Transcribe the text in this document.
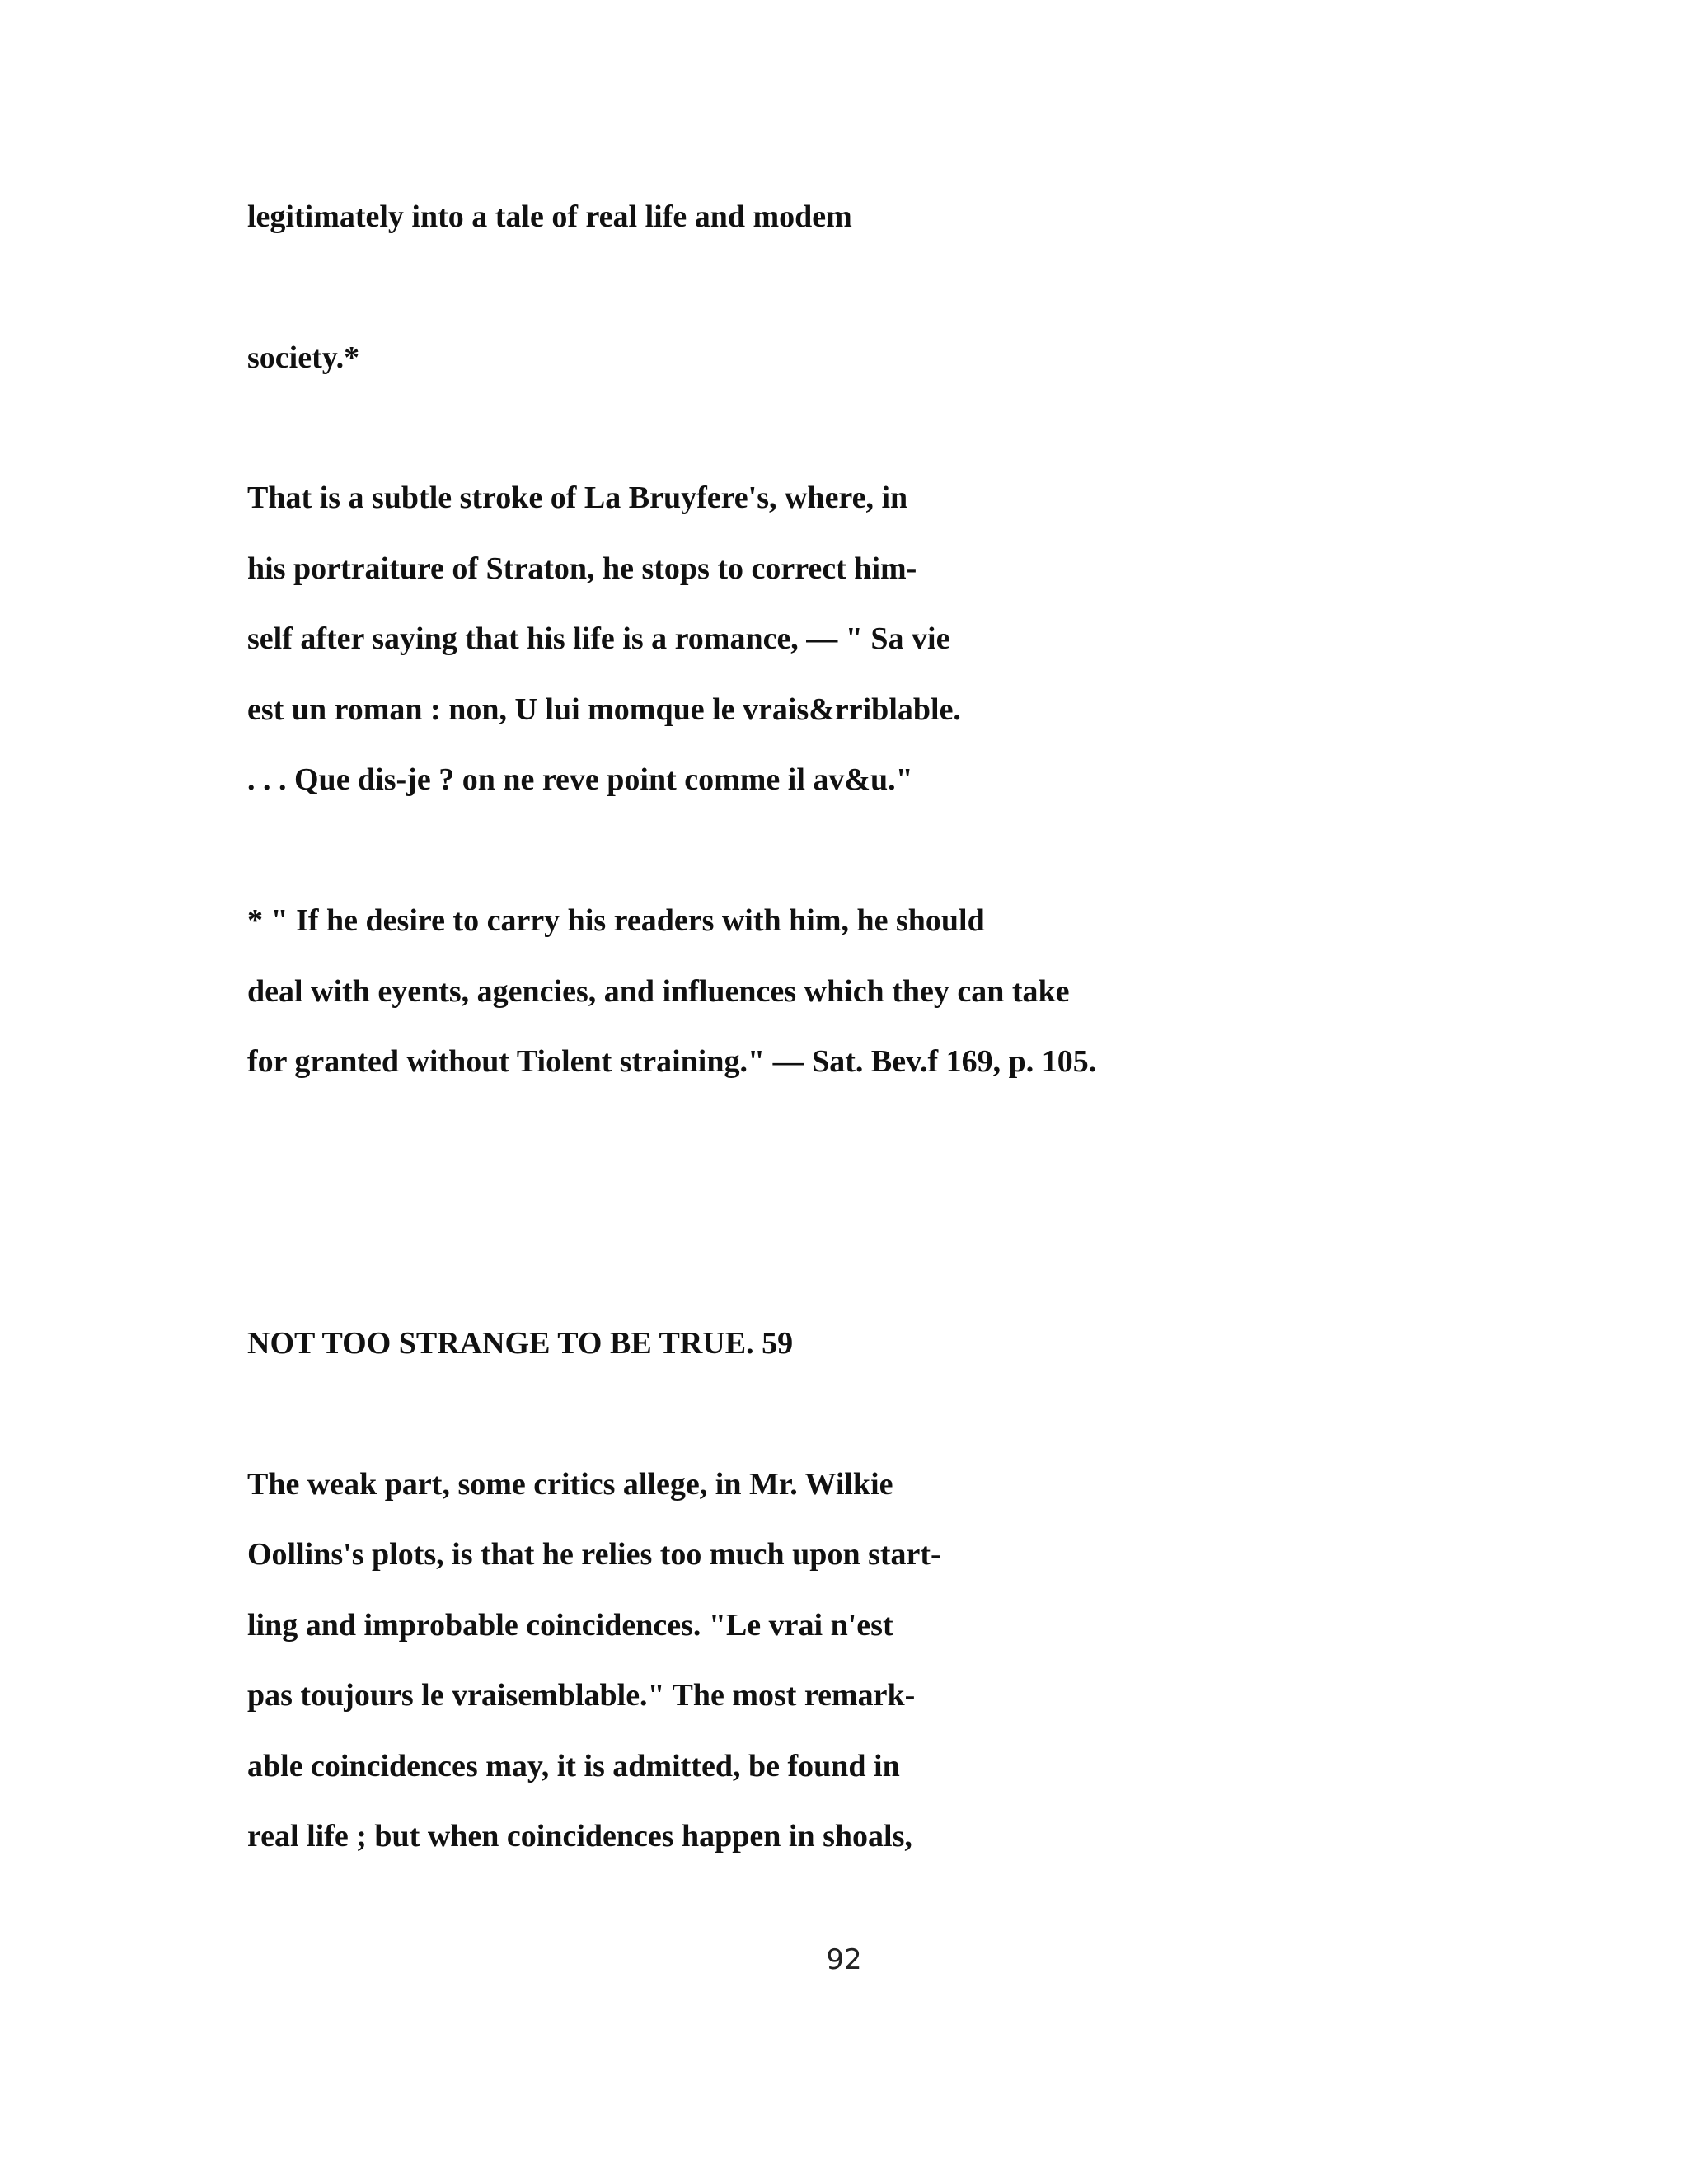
legitimately into a tale of real life and modem
society.*
That is a subtle stroke of La Bruyfere's, where, in
his portraiture of Straton, he stops to correct him-
self after saying that his life is a romance, — " Sa vie
est un roman : non, U lui momque le vrais&rriblable.
. . . Que dis-je ? on ne reve point comme il av&u."
* " If he desire to carry his readers with him, he should
deal with eyents, agencies, and influences which they can take
for granted without Tiolent straining." — Sat. Bev.f 169, p. 105.
NOT TOO STRANGE TO BE TRUE. 59
The weak part, some critics allege, in Mr. Wilkie
Oollins's plots, is that he relies too much upon start-
ling and improbable coincidences. "Le vrai n'est
pas toujours le vraisemblable." The most remark-
able coincidences may, it is admitted, be found in
real life ; but when coincidences happen in shoals,
92
